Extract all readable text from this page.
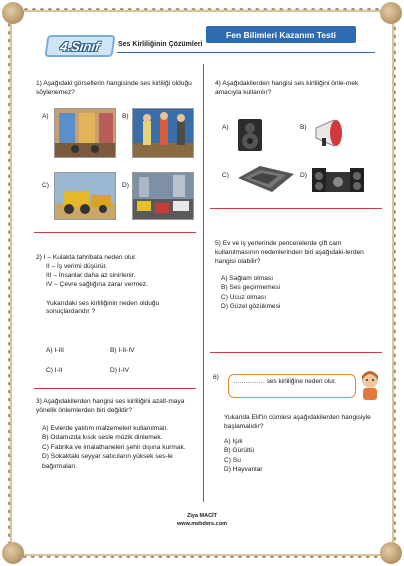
4.Sınıf Ses Kirliliğinin Çözümleri
Fen Bilimleri Kazanım Testi

1) Aşağıdaki görsellerin hangisinde ses kirliliği olduğu söylenemez?

A)	B)
C)	D)
2) I – Kulakta tahribata neden olur.
II – İş verimi düşürür.
III – İnsanlar daha az sinirlenir.
IV – Çevre sağlığına zarar vermez.
Yukarıdaki ses kirliliğinin neden olduğu sonuçlardandır ?
A) I-III	B) I-II-IV
C) I-II	D) I-IV

3) Aşağıdakilerden hangisi ses kirliliğini azalt-maya yönelik önlemlerden biri değildir?

A) Evlerde yalıtım malzemeleri kullanılmalı.
B) Odamızda kısık sesle müzik dinlemek.
C) Fabrika ve imalathaneleri şehir dışına kurmak.
D) Sokaktaki seyyar satıcıların yüksek ses-le bağırmaları.

4) Aşağıdakilerden hangisi ses kirliliğini önle-mek amacıyla kullanılır?

A)	B)
C)	D)

5) Ev ve iş yerlerinde pencerelerde çift cam kullanılmasının nedenlerinden biri aşağıdaki-lerden hangisi olabilir?

A) Sağlam olması
B) Ses geçirmemesi
C) Ucuz olması
D) Güzel gözükmesi
6)
…………… ses kirliliğine neden olur.

Yukanda Elif'in cümlesi aşağıdakilerden hangisiyle başlamalıdır?

A) Işık
B) Gürültü
C) Su
D) Hayvanlar
Ziya MACİT
www.mebders.com
